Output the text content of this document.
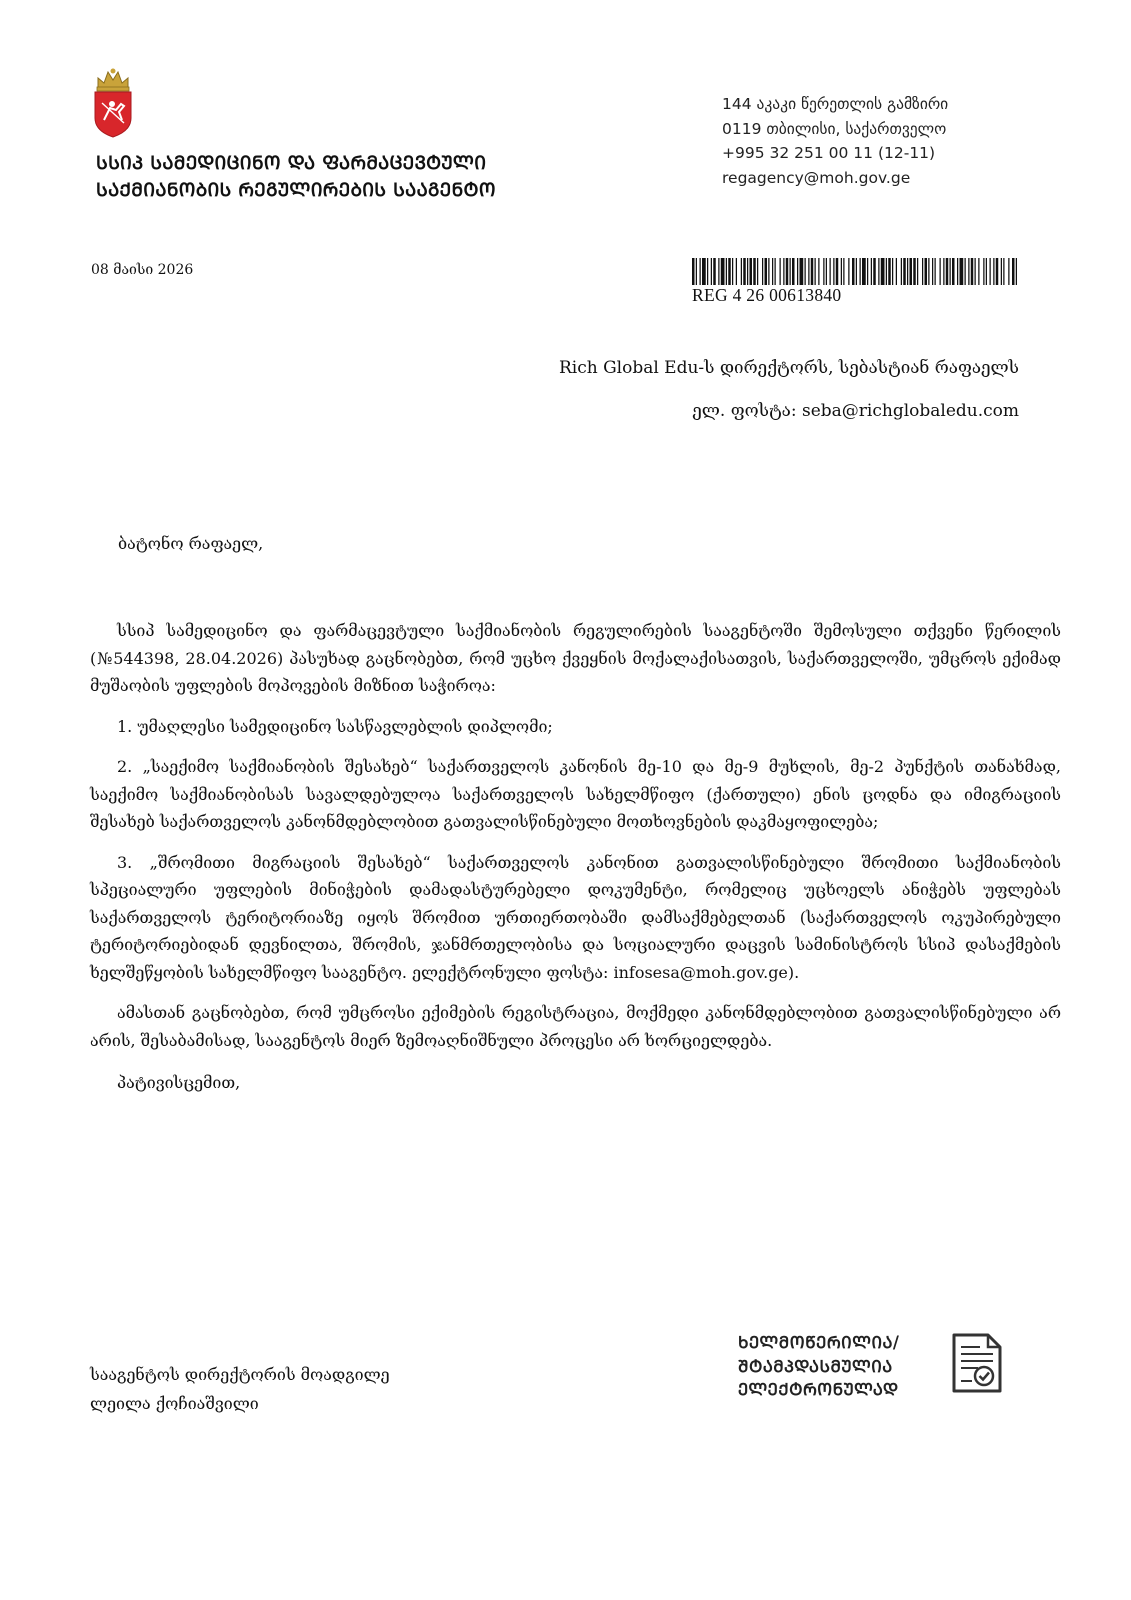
ᲡᲡᲘᲞ ᲡᲐᲛᲔᲓᲘᲪᲘᲜᲝ ᲓᲐ ᲤᲐᲠᲛᲐᲪᲔᲕᲢᲣᲚᲘ
ᲡᲐᲥᲛᲘᲐᲜᲝᲑᲘᲡ ᲠᲔᲒᲣᲚᲘᲠᲔᲑᲘᲡ ᲡᲐᲐᲒᲔᲜᲢᲝ
144 აკაკი წერეთლის გამზირი
0119 თბილისი, საქართველო
+995 32 251 00 11 (12-11)
regagency@moh.gov.ge
08 მაისი 2026
REG 4 26 00613840
Rich Global Edu-ს დირექტორს, სებასტიან რაფაელს
ელ. ფოსტა: seba@richglobaledu.com
ბატონო რაფაელ,

სსიპ სამედიცინო და ფარმაცევტული საქმიანობის რეგულირების სააგენტოში შემოსული თქვენი წერილის (№544398, 28.04.2026) პასუხად გაცნობებთ, რომ უცხო ქვეყნის მოქალაქისათვის, საქართველოში, უმცროს ექიმად მუშაობის უფლების მოპოვების მიზნით საჭიროა:

1. უმაღლესი სამედიცინო სასწავლებლის დიპლომი;

2. „საექიმო საქმიანობის შესახებ“ საქართველოს კანონის მე-10 და მე-9 მუხლის, მე-2 პუნქტის თანახმად, საექიმო საქმიანობისას სავალდებულოა საქართველოს სახელმწიფო (ქართული) ენის ცოდნა და იმიგრაციის შესახებ საქართველოს კანონმდებლობით გათვალისწინებული მოთხოვნების დაკმაყოფილება;

3. „შრომითი მიგრაციის შესახებ“ საქართველოს კანონით გათვალისწინებული შრომითი საქმიანობის სპეციალური უფლების მინიჭების დამადასტურებელი დოკუმენტი, რომელიც უცხოელს ანიჭებს უფლებას საქართველოს ტერიტორიაზე იყოს შრომით ურთიერთობაში დამსაქმებელთან (საქართველოს ოკუპირებული ტერიტორიებიდან დევნილთა, შრომის, ჯანმრთელობისა და სოციალური დაცვის სამინისტროს სსიპ დასაქმების ხელშეწყობის სახელმწიფო სააგენტო. ელექტრონული ფოსტა: infosesa@moh.gov.ge).

ამასთან გაცნობებთ, რომ უმცროსი ექიმების რეგისტრაცია, მოქმედი კანონმდებლობით გათვალისწინებული არ არის, შესაბამისად, სააგენტოს მიერ ზემოაღნიშნული პროცესი არ ხორციელდება.

პატივისცემით,

სააგენტოს დირექტორის მოადგილე
ლეილა ქოჩიაშვილი
ᲮᲔᲚᲛᲝᲬᲔᲠᲘᲚᲘᲐ/
ᲨᲢᲐᲛᲞᲓᲐᲡᲛᲣᲚᲘᲐ
ᲔᲚᲔᲥᲢᲠᲝᲜᲣᲚᲐᲓ
